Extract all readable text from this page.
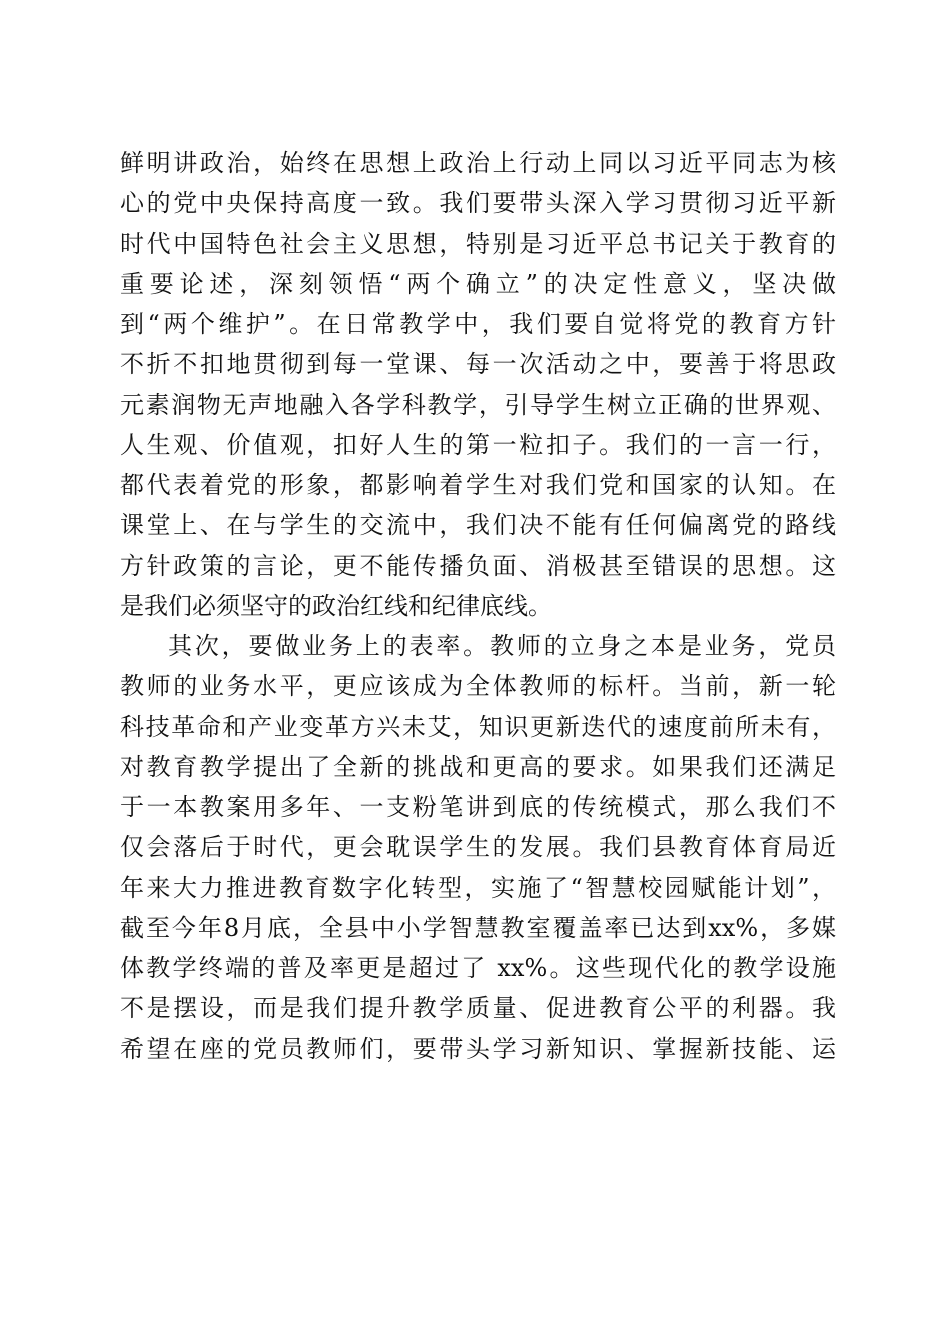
鲜明讲政治，始终在思想上政治上行动上同以习近平同志为核
心的党中央保持高度一致。我们要带头深入学习贯彻习近平新
时代中国特色社会主义思想，特别是习近平总书记关于教育的
重要论述，深刻领悟“两个确立”的决定性意义，坚决做
到“两个维护”。在日常教学中，我们要自觉将党的教育方针
不折不扣地贯彻到每一堂课、每一次活动之中，要善于将思政
元素润物无声地融入各学科教学，引导学生树立正确的世界观、
人生观、价值观，扣好人生的第一粒扣子。我们的一言一行，
都代表着党的形象，都影响着学生对我们党和国家的认知。在
课堂上、在与学生的交流中，我们决不能有任何偏离党的路线
方针政策的言论，更不能传播负面、消极甚至错误的思想。这
是我们必须坚守的政治红线和纪律底线。
其次，要做业务上的表率。教师的立身之本是业务，党员
教师的业务水平，更应该成为全体教师的标杆。当前，新一轮
科技革命和产业变革方兴未艾，知识更新迭代的速度前所未有，
对教育教学提出了全新的挑战和更高的要求。如果我们还满足
于一本教案用多年、一支粉笔讲到底的传统模式，那么我们不
仅会落后于时代，更会耽误学生的发展。我们县教育体育局近
年来大力推进教育数字化转型，实施了“智慧校园赋能计划”，
截至今年8月底，全县中小学智慧教室覆盖率已达到xx%，多媒
体教学终端的普及率更是超过了 xx%。这些现代化的教学设施
不是摆设，而是我们提升教学质量、促进教育公平的利器。我
希望在座的党员教师们，要带头学习新知识、掌握新技能、运
